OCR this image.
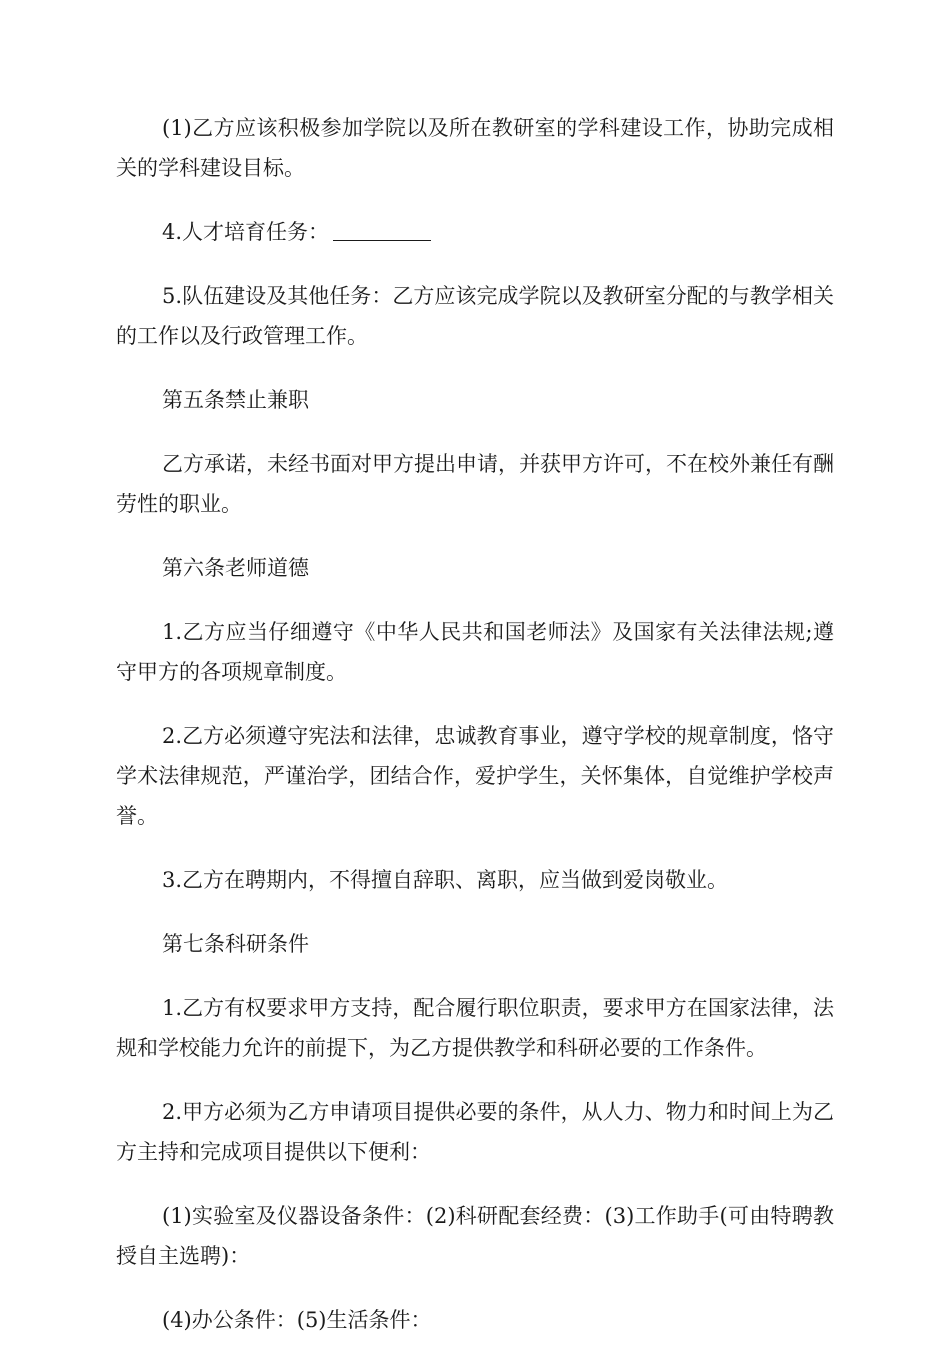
(1)乙方应该积极参加学院以及所在教研室的学科建设工作，协助完成相关的学科建设目标。

4.人才培育任务：

5.队伍建设及其他任务：乙方应该完成学院以及教研室分配的与教学相关的工作以及行政管理工作。

第五条禁止兼职

乙方承诺，未经书面对甲方提出申请，并获甲方许可，不在校外兼任有酬劳性的职业。

第六条老师道德

1.乙方应当仔细遵守《中华人民共和国老师法》及国家有关法律法规;遵守甲方的各项规章制度。

2.乙方必须遵守宪法和法律，忠诚教育事业，遵守学校的规章制度，恪守学术法律规范，严谨治学，团结合作，爱护学生，关怀集体，自觉维护学校声誉。

3.乙方在聘期内，不得擅自辞职、离职，应当做到爱岗敬业。

第七条科研条件

1.乙方有权要求甲方支持，配合履行职位职责，要求甲方在国家法律，法规和学校能力允许的前提下，为乙方提供教学和科研必要的工作条件。

2.甲方必须为乙方申请项目提供必要的条件，从人力、物力和时间上为乙方主持和完成项目提供以下便利：

(1)实验室及仪器设备条件：(2)科研配套经费：(3)工作助手(可由特聘教授自主选聘)：

(4)办公条件：(5)生活条件：
